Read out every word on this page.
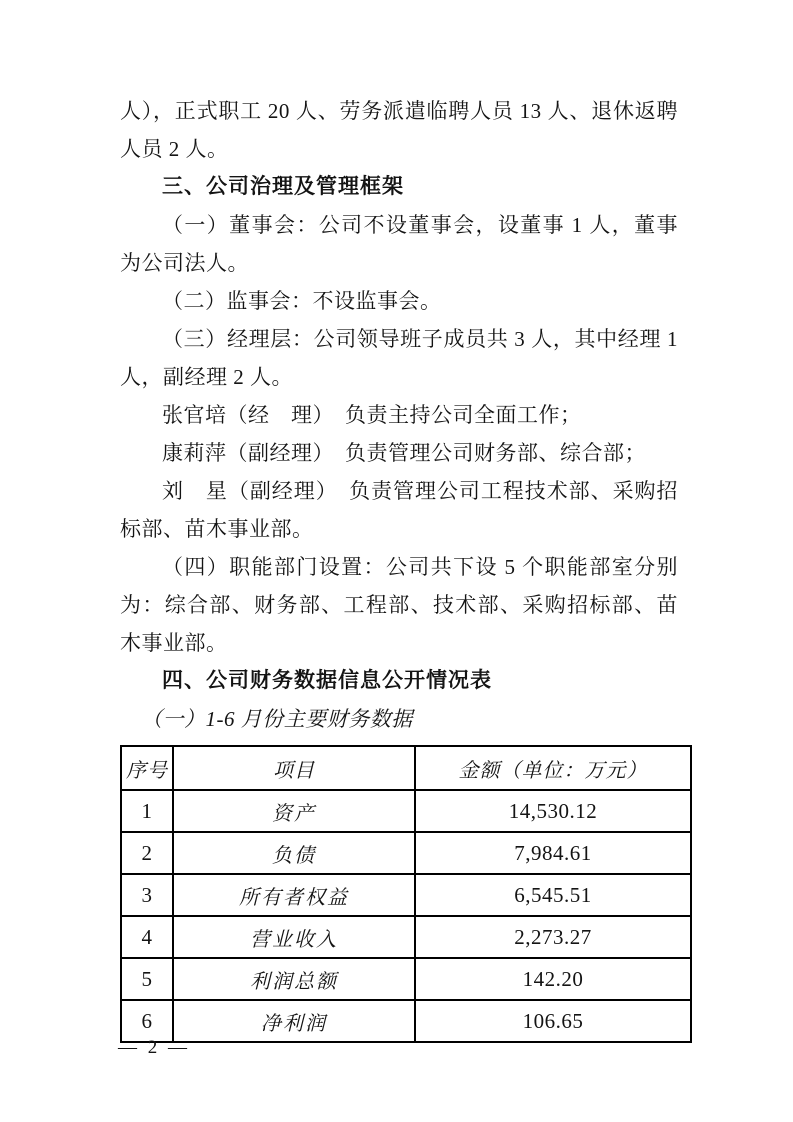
人），正式职工 20 人、劳务派遣临聘人员 13 人、退休返聘人员 2 人。

三、公司治理及管理框架

（一）董事会：公司不设董事会，设董事 1 人，董事为公司法人。

（二）监事会：不设监事会。

（三）经理层：公司领导班子成员共 3 人，其中经理 1 人，副经理 2 人。

张官培（经　理）　负责主持公司全面工作；

康莉萍（副经理）　负责管理公司财务部、综合部；

刘　星（副经理）　负责管理公司工程技术部、采购招标部、苗木事业部。

（四）职能部门设置：公司共下设 5 个职能部室分别为：综合部、财务部、工程部、技术部、采购招标部、苗木事业部。

四、公司财务数据信息公开情况表

（一）1-6 月份主要财务数据

序号	项目	金额（单位：万元）
1	资产	14,530.12
2	负债	7,984.61
3	所有者权益	6,545.51
4	营业收入	2,273.27
5	利润总额	142.20
6	净利润	106.65
— 2 —
